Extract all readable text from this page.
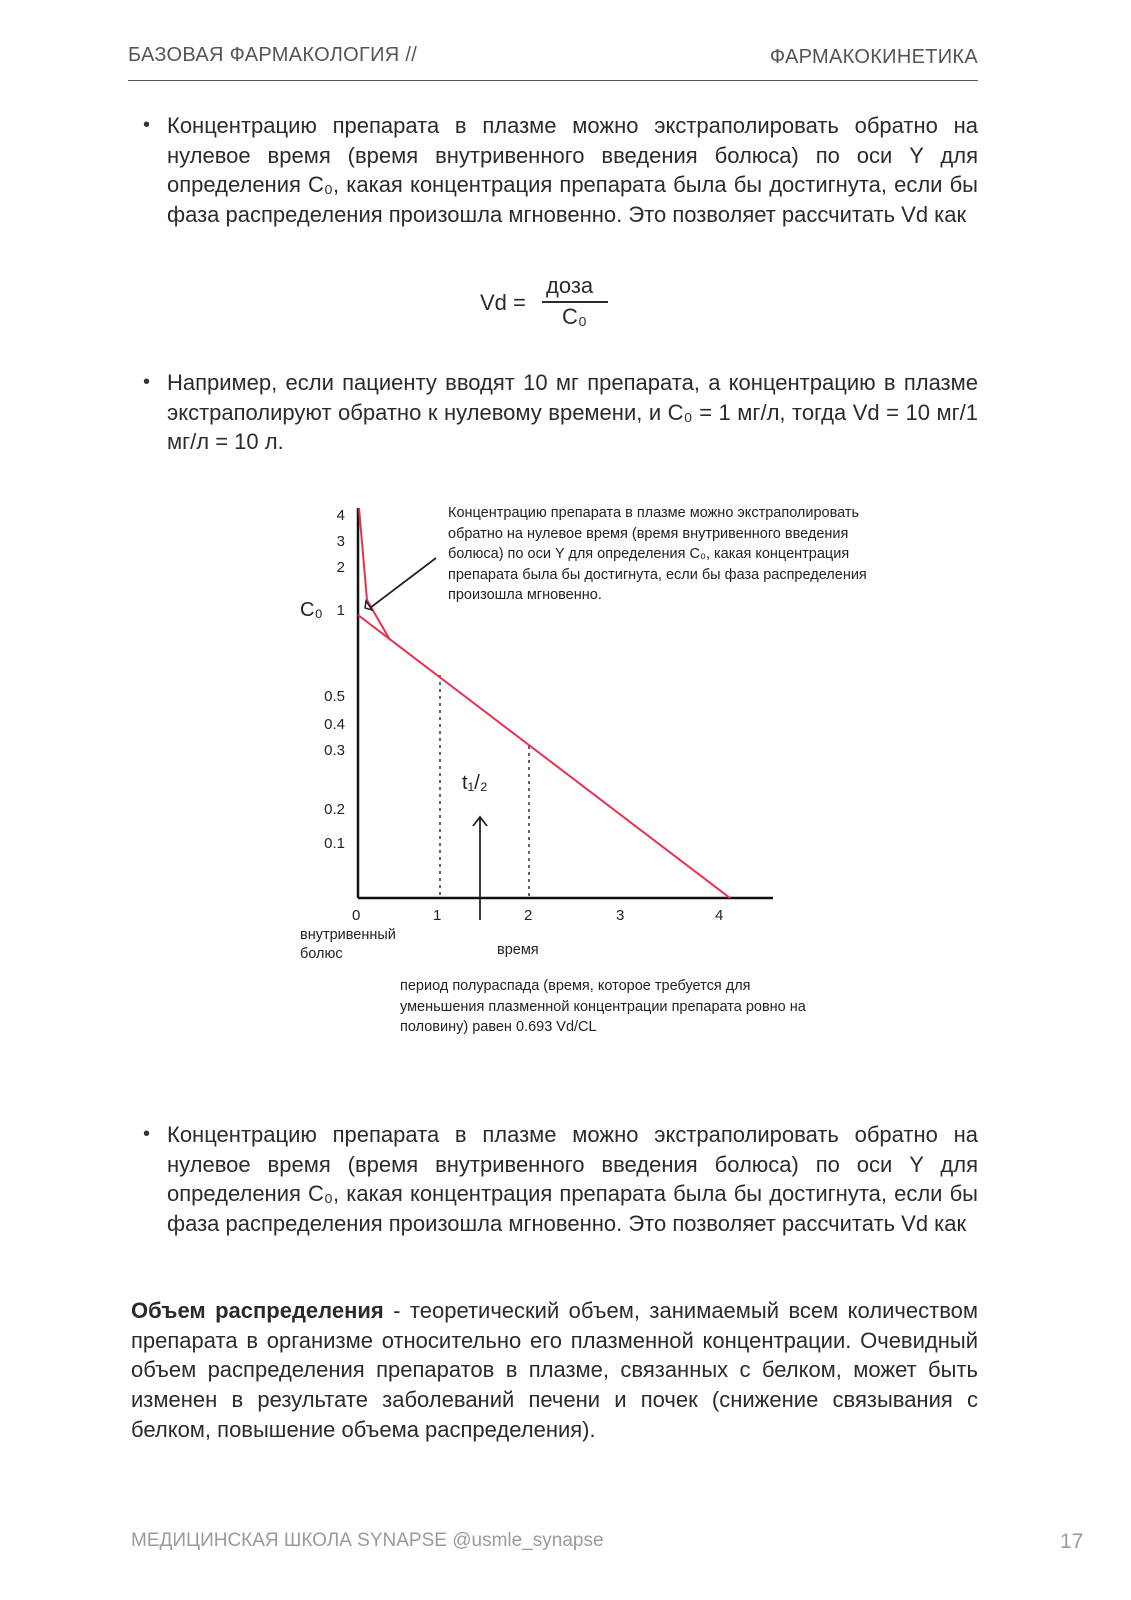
БАЗОВАЯ ФАРМАКОЛОГИЯ //	ФАРМАКОКИНЕТИКА
• Концентрацию препарата в плазме можно экстраполировать обратно на нулевое время (время внутривенного введения болюса) по оси Y для определения C₀, какая концентрация препарата была бы достигнута, если бы фаза распределения произошла мгновенно. Это позволяет рассчитать Vd как
Vd =
доза
C₀
• Например, если пациенту вводят 10 мг препарата, а концентрацию в плазме экстраполируют обратно к нулевому времени, и C₀ = 1 мг/л, тогда Vd = 10 мг/1 мг/л = 10 л.
4
3
2
1
0.5
0.4
0.3
0.2
0.1
C₀
0	1	2	3	4
внутривенный болюс	время
Концентрацию препарата в плазме можно экстраполировать обратно на нулевое время (время внутривенного введения болюса) по оси Y для определения C₀, какая концентрация препарата была бы достигнута, если бы фаза распределения произошла мгновенно.
t₁/₂
период полураспада (время, которое требуется для уменьшения плазменной концентрации препарата ровно на половину) равен 0.693 Vd/CL
• Концентрацию препарата в плазме можно экстраполировать обратно на нулевое время (время внутривенного введения болюса) по оси Y для определения C₀, какая концентрация препарата была бы достигнута, если бы фаза распределения произошла мгновенно. Это позволяет рассчитать Vd как
Объем распределения - теоретический объем, занимаемый всем количеством препарата в организме относительно его плазменной концентрации. Очевидный объем распределения препаратов в плазме, связанных с белком, может быть изменен в результате заболеваний печени и почек (снижение связывания с белком, повышение объема распределения).
МЕДИЦИНСКАЯ ШКОЛА SYNAPSE @usmle_synapse	17
